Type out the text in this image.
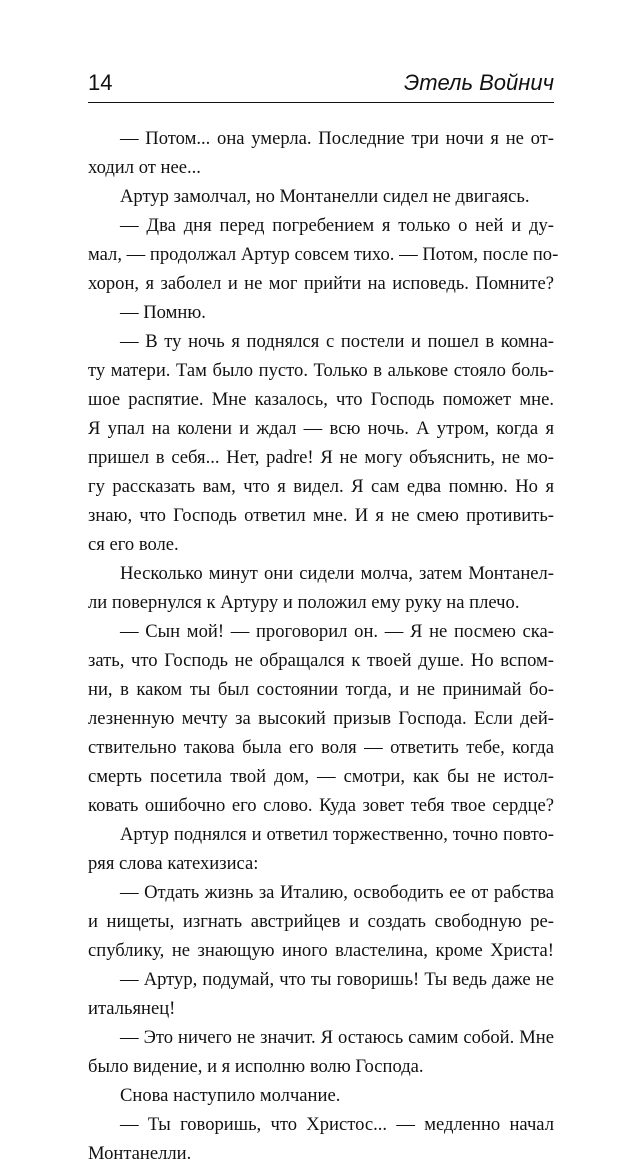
14	Этель Войнич
— Потом... она умерла. Последние три ночи я не от-
ходил от нее...
Артур замолчал, но Монтанелли сидел не двигаясь.
— Два дня перед погребением я только о ней и ду-
мал, — продолжал Артур совсем тихо. — Потом, после по-
хорон, я заболел и не мог прийти на исповедь. Помните?
— Помню.
— В ту ночь я поднялся с постели и пошел в комна-
ту матери. Там было пусто. Только в алькове стояло боль-
шое распятие. Мне казалось, что Господь поможет мне.
Я упал на колени и ждал — всю ночь. А утром, когда я
пришел в себя... Нет, padre! Я не могу объяснить, не мо-
гу рассказать вам, что я видел. Я сам едва помню. Но я
знаю, что Господь ответил мне. И я не смею противить-
ся его воле.
Несколько минут они сидели молча, затем Монтанел-
ли повернулся к Артуру и положил ему руку на плечо.
— Сын мой! — проговорил он. — Я не посмею ска-
зать, что Господь не обращался к твоей душе. Но вспом-
ни, в каком ты был состоянии тогда, и не принимай бо-
лезненную мечту за высокий призыв Господа. Если дей-
ствительно такова была его воля — ответить тебе, когда
смерть посетила твой дом, — смотри, как бы не истол-
ковать ошибочно его слово. Куда зовет тебя твое сердце?
Артур поднялся и ответил торжественно, точно повто-
ряя слова катехизиса:
— Отдать жизнь за Италию, освободить ее от рабства
и нищеты, изгнать австрийцев и создать свободную ре-
спублику, не знающую иного властелина, кроме Христа!
— Артур, подумай, что ты говоришь! Ты ведь даже не
итальянец!
— Это ничего не значит. Я остаюсь самим собой. Мне
было видение, и я исполню волю Господа.
Снова наступило молчание.
— Ты говоришь, что Христос... — медленно начал
Монтанелли.
